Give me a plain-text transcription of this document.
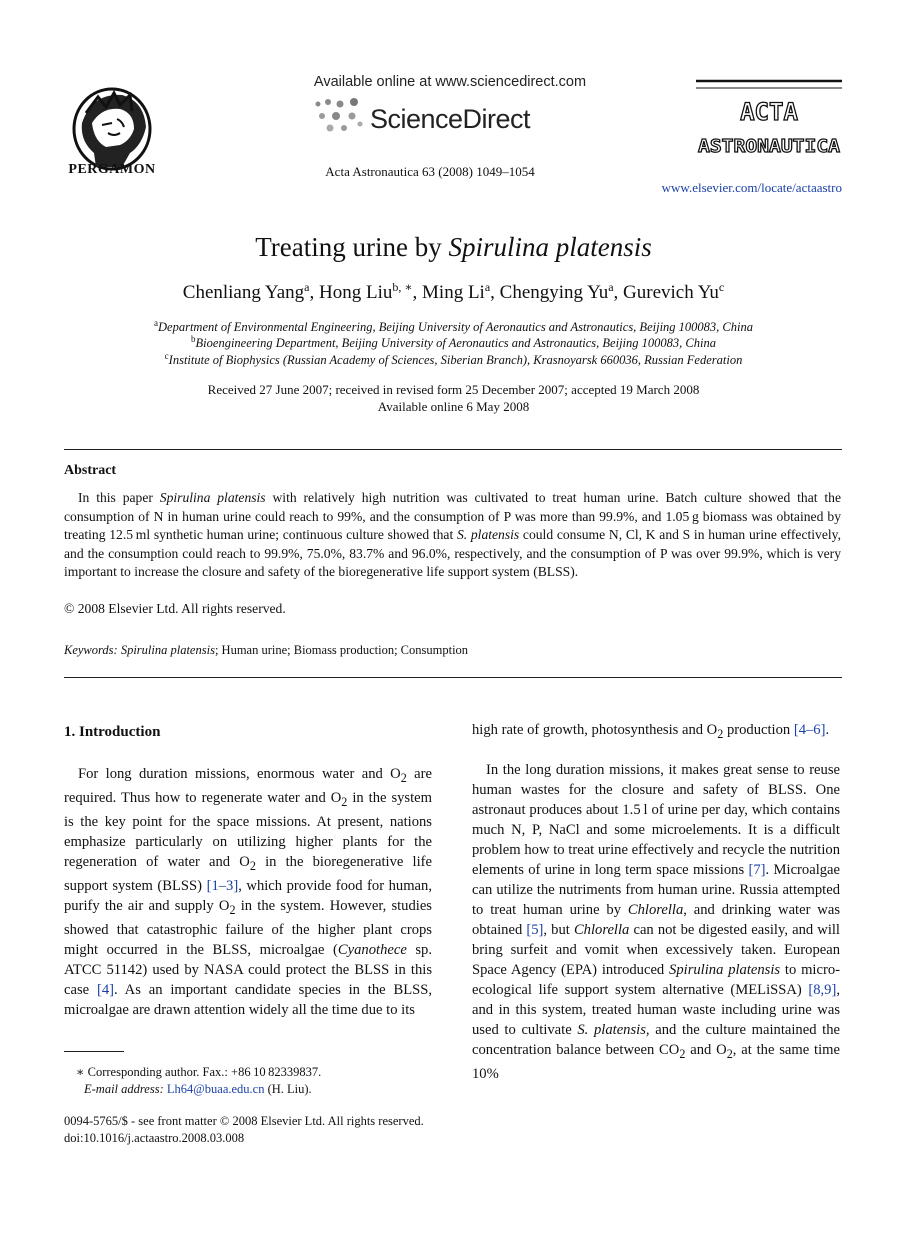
PERGAMON
Available online at www.sciencedirect.com
ScienceDirect
Acta Astronautica 63 (2008) 1049–1054
ACTA
ASTRONAUTICA
www.elsevier.com/locate/actaastro
Treating urine by Spirulina platensis
Chenliang Yang$^a$, Hong Liu$^{b, ∗}$, Ming Li$^a$, Chengying Yu$^a$, Gurevich Yu$^c$
$^a$Department of Environmental Engineering, Beijing University of Aeronautics and Astronautics, Beijing 100083, China
$^b$Bioengineering Department, Beijing University of Aeronautics and Astronautics, Beijing 100083, China
$^c$Institute of Biophysics (Russian Academy of Sciences, Siberian Branch), Krasnoyarsk 660036, Russian Federation
Received 27 June 2007; received in revised form 25 December 2007; accepted 19 March 2008
Available online 6 May 2008
Abstract
In this paper Spirulina platensis with relatively high nutrition was cultivated to treat human urine. Batch culture showed that the consumption of N in human urine could reach to 99%, and the consumption of P was more than 99.9%, and 1.05 g biomass was obtained by treating 12.5 ml synthetic human urine; continuous culture showed that S. platensis could consume N, Cl, K and S in human urine effectively, and the consumption could reach to 99.9%, 75.0%, 83.7% and 96.0%, respectively, and the consumption of P was over 99.9%, which is very important to increase the closure and safety of the bioregenerative life support system (BLSS).
© 2008 Elsevier Ltd. All rights reserved.
Keywords: Spirulina platensis; Human urine; Biomass production; Consumption
1. Introduction
For long duration missions, enormous water and $O_2$ are required. Thus how to regenerate water and $O_2$ in the system is the key point for the space missions. At present, nations emphasize particularly on utilizing higher plants for the regeneration of water and $O_2$ in the bioregenerative life support system (BLSS) [1–3], which provide food for human, purify the air and supply $O_2$ in the system. However, studies showed that catastrophic failure of the higher plant crops might occurred in the BLSS, microalgae (Cyanothece sp. ATCC 51142) used by NASA could protect the BLSS in this case [4]. As an important candidate species in the BLSS, microalgae are drawn attention widely all the time due to its
∗ Corresponding author. Fax.: +86 10 82339837.
E-mail address: Lh64@buaa.edu.cn (H. Liu).
0094-5765/$ - see front matter © 2008 Elsevier Ltd. All rights reserved.
doi:10.1016/j.actaastro.2008.03.008
high rate of growth, photosynthesis and $O_2$ production [4–6].
In the long duration missions, it makes great sense to reuse human wastes for the closure and safety of BLSS. One astronaut produces about 1.5 l of urine per day, which contains much N, P, NaCl and some microelements. It is a difficult problem how to treat urine effectively and recycle the nutrition elements of urine in long term space missions [7]. Microalgae can utilize the nutriments from human urine. Russia attempted to treat human urine by Chlorella, and drinking water was obtained [5], but Chlorella can not be digested easily, and will bring surfeit and vomit when excessively taken. European Space Agency (EPA) introduced Spirulina platensis to micro-ecological life support system alternative (MELiSSA) [8,9], and in this system, treated human waste including urine was used to cultivate S. platensis, and the culture maintained the concentration balance between $CO_2$ and $O_2$, at the same time 10%
